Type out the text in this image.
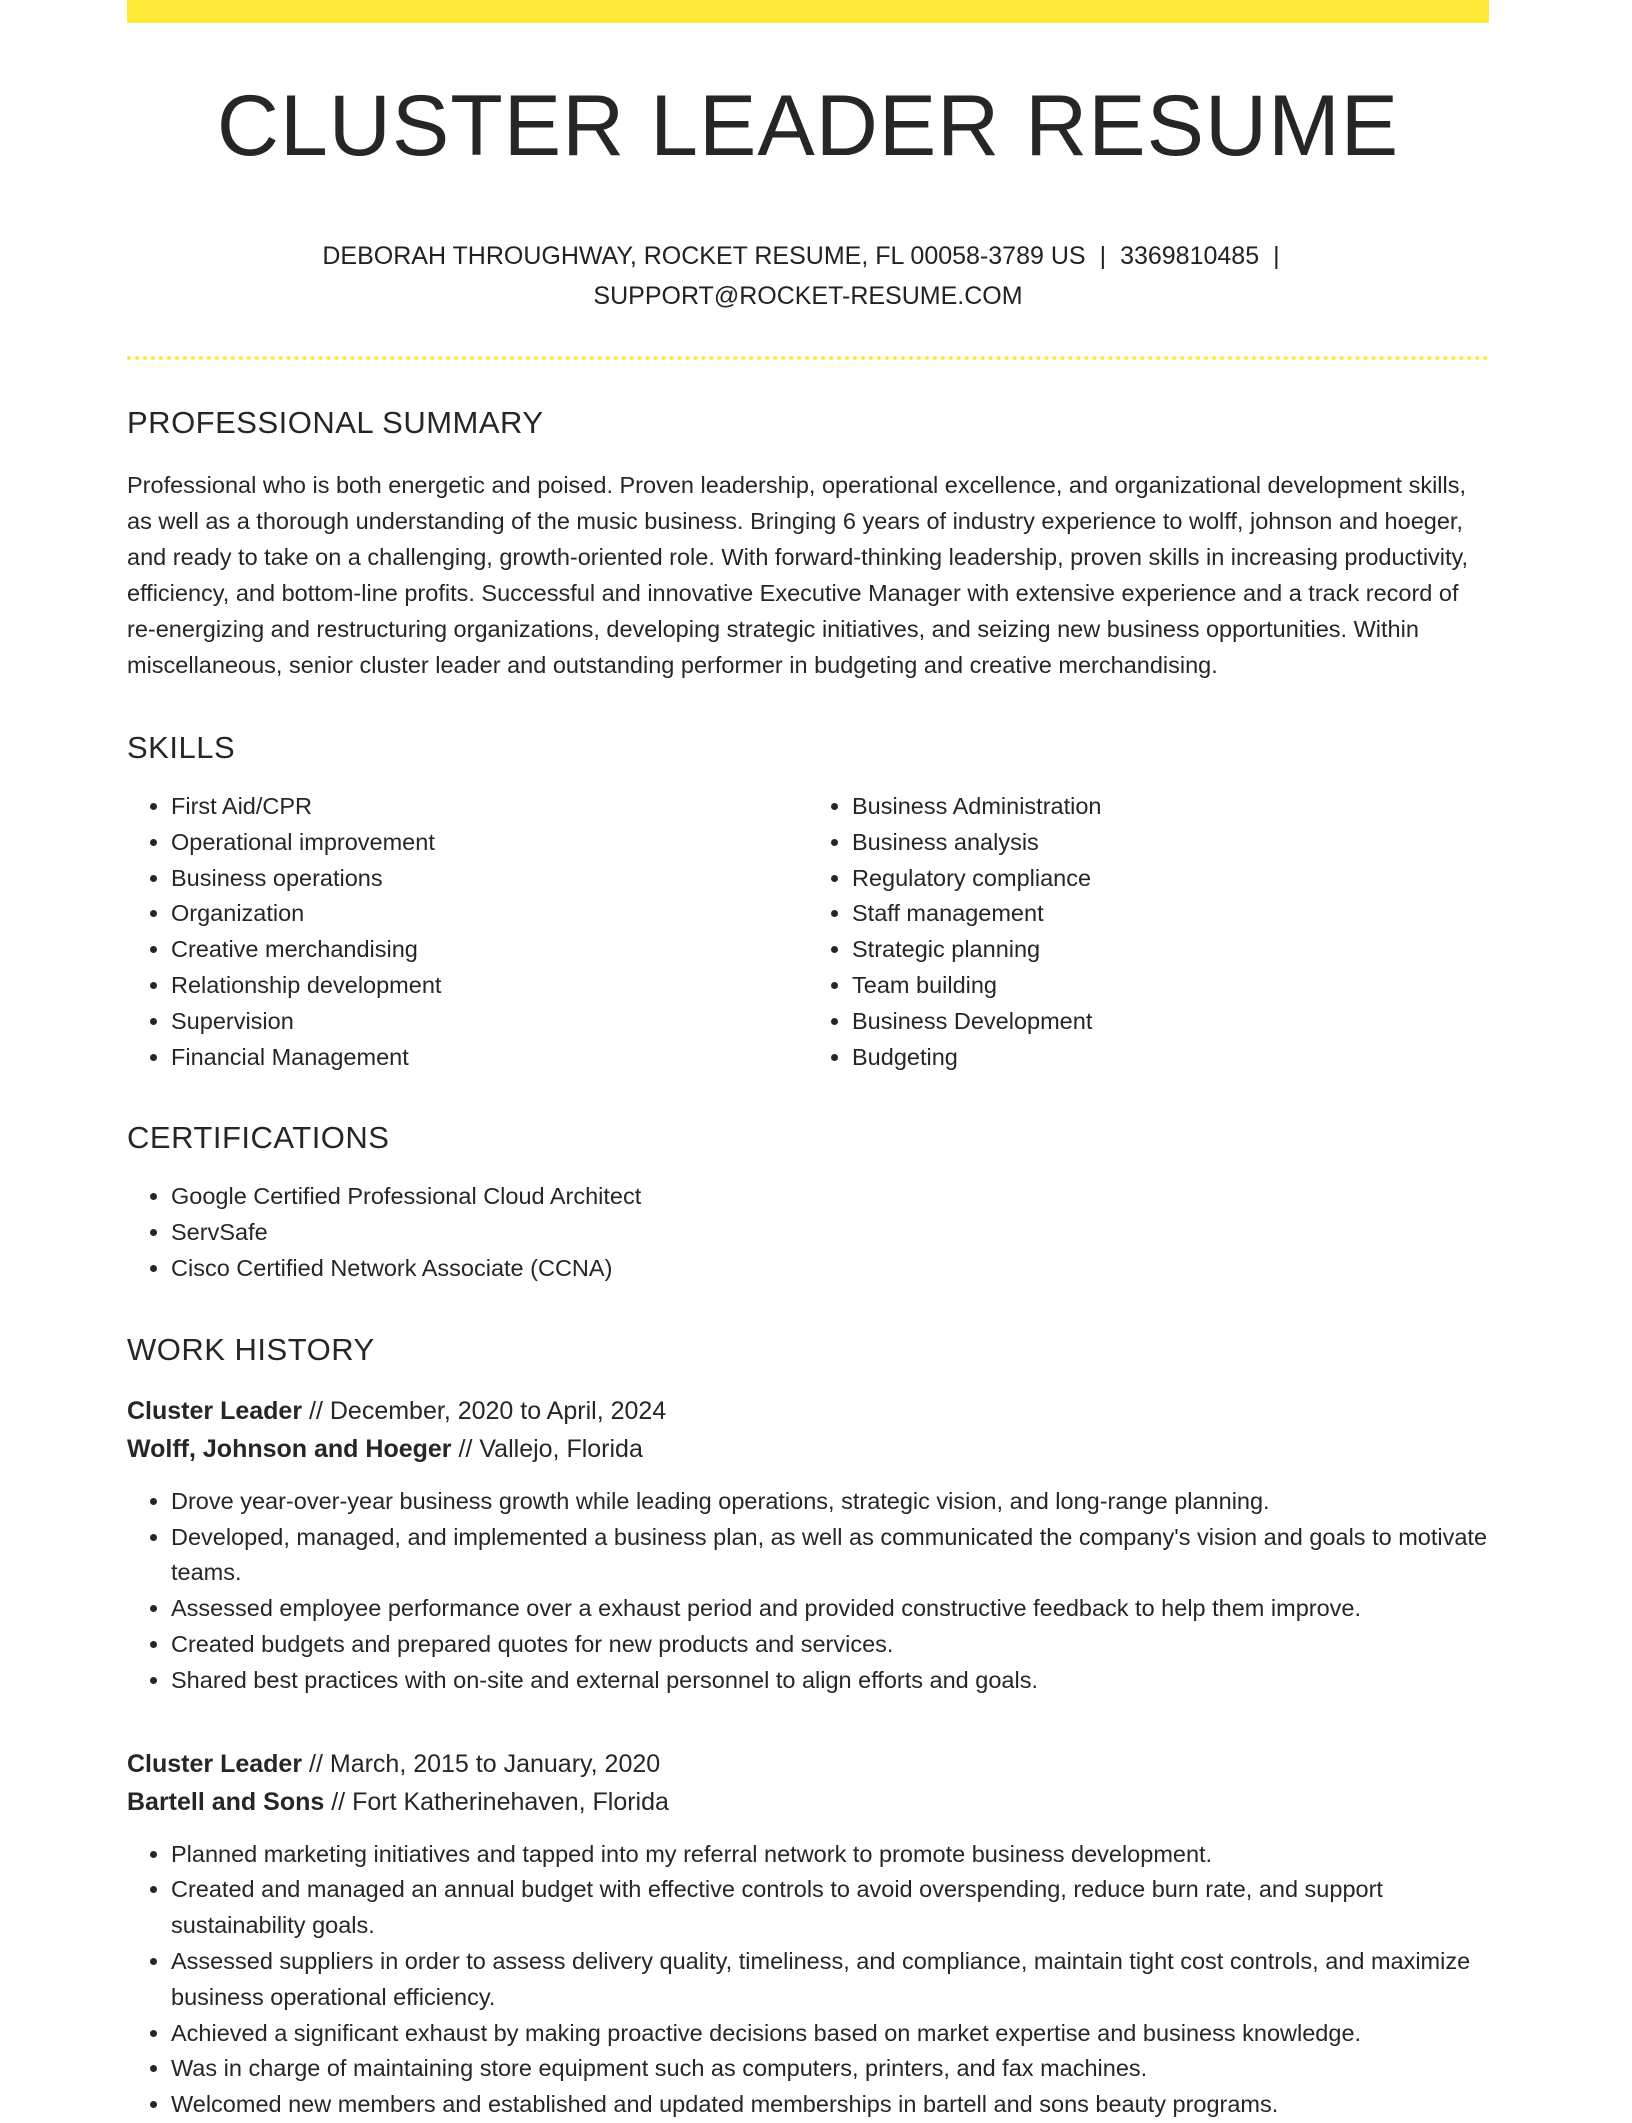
CLUSTER LEADER RESUME
DEBORAH THROUGHWAY, ROCKET RESUME, FL 00058-3789 US | 3369810485 |
SUPPORT@ROCKET-RESUME.COM
PROFESSIONAL SUMMARY

Professional who is both energetic and poised. Proven leadership, operational excellence, and organizational development skills, as well as a thorough understanding of the music business. Bringing 6 years of industry experience to wolff, johnson and hoeger, and ready to take on a challenging, growth-oriented role. With forward-thinking leadership, proven skills in increasing productivity, efficiency, and bottom-line profits. Successful and innovative Executive Manager with extensive experience and a track record of re-energizing and restructuring organizations, developing strategic initiatives, and seizing new business opportunities. Within miscellaneous, senior cluster leader and outstanding performer in budgeting and creative merchandising.

SKILLS
• First Aid/CPR
• Operational improvement
• Business operations
• Organization
• Creative merchandising
• Relationship development
• Supervision
• Financial Management
• Business Administration
• Business analysis
• Regulatory compliance
• Staff management
• Strategic planning
• Team building
• Business Development
• Budgeting
CERTIFICATIONS
• Google Certified Professional Cloud Architect
• ServSafe
• Cisco Certified Network Associate (CCNA)
WORK HISTORY
Cluster Leader // December, 2020 to April, 2024
Wolff, Johnson and Hoeger // Vallejo, Florida
• Drove year-over-year business growth while leading operations, strategic vision, and long-range planning.
• Developed, managed, and implemented a business plan, as well as communicated the company's vision and goals to motivate teams.
• Assessed employee performance over a exhaust period and provided constructive feedback to help them improve.
• Created budgets and prepared quotes for new products and services.
• Shared best practices with on-site and external personnel to align efforts and goals.
Cluster Leader // March, 2015 to January, 2020
Bartell and Sons // Fort Katherinehaven, Florida
• Planned marketing initiatives and tapped into my referral network to promote business development.
• Created and managed an annual budget with effective controls to avoid overspending, reduce burn rate, and support sustainability goals.
• Assessed suppliers in order to assess delivery quality, timeliness, and compliance, maintain tight cost controls, and maximize business operational efficiency.
• Achieved a significant exhaust by making proactive decisions based on market expertise and business knowledge.
• Was in charge of maintaining store equipment such as computers, printers, and fax machines.
• Welcomed new members and established and updated memberships in bartell and sons beauty programs.
